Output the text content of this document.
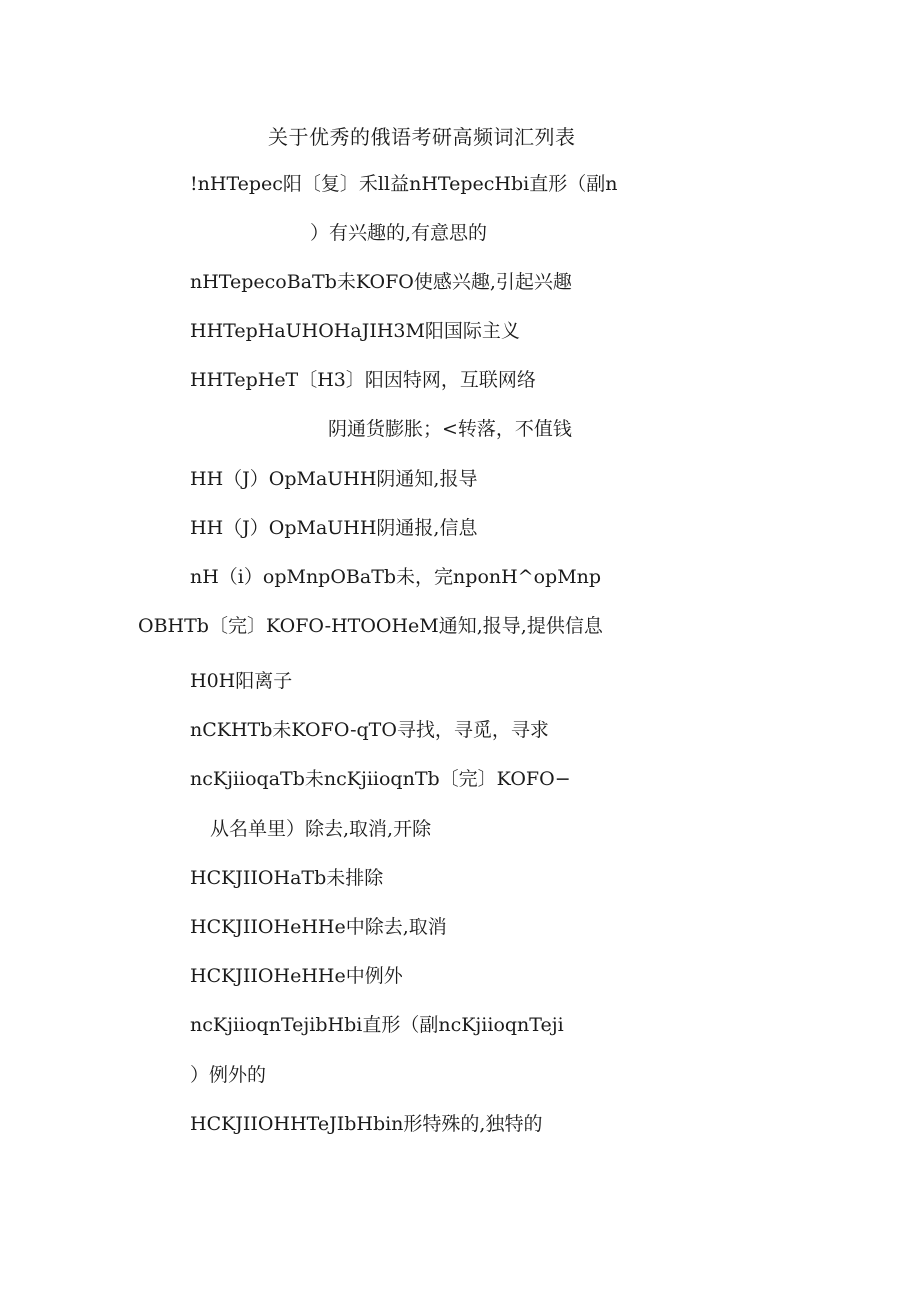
关于优秀的俄语考研高频词汇列表
!nHTepec阳〔复〕禾ll益nHTepecHbi直形（副n
）有兴趣的,有意思的
nHTepecoBaTb未KOFO使感兴趣,引起兴趣
HHTepHaUHOHaJIH3M阳国际主义
HHTepHeT〔H3〕阳因特网，互联网络
阴通货膨胀；<转落，不值钱
HH（J）OpMaUHH阴通知,报导
HH（J）OpMaUHH阴通报,信息
nH（i）opMnpOBaTb未，完nponH^opMnp
OBHTb〔完〕KOFO-HTOOHeM通知,报导,提供信息
H0H阳离子
nCKHTb未KOFO-qTO寻找，寻觅，寻求
ncKjiioqaTb未ncKjiioqnTb〔完〕KOFO−
从名单里）除去,取消,开除
HCKJIIOHaTb未排除
HCKJIIOHeHHe中除去,取消
HCKJIIOHeHHe中例外
ncKjiioqnTejibHbi直形（副ncKjiioqnTeji
）例外的
HCKJIIOHHTeJIbHbin形特殊的,独特的
